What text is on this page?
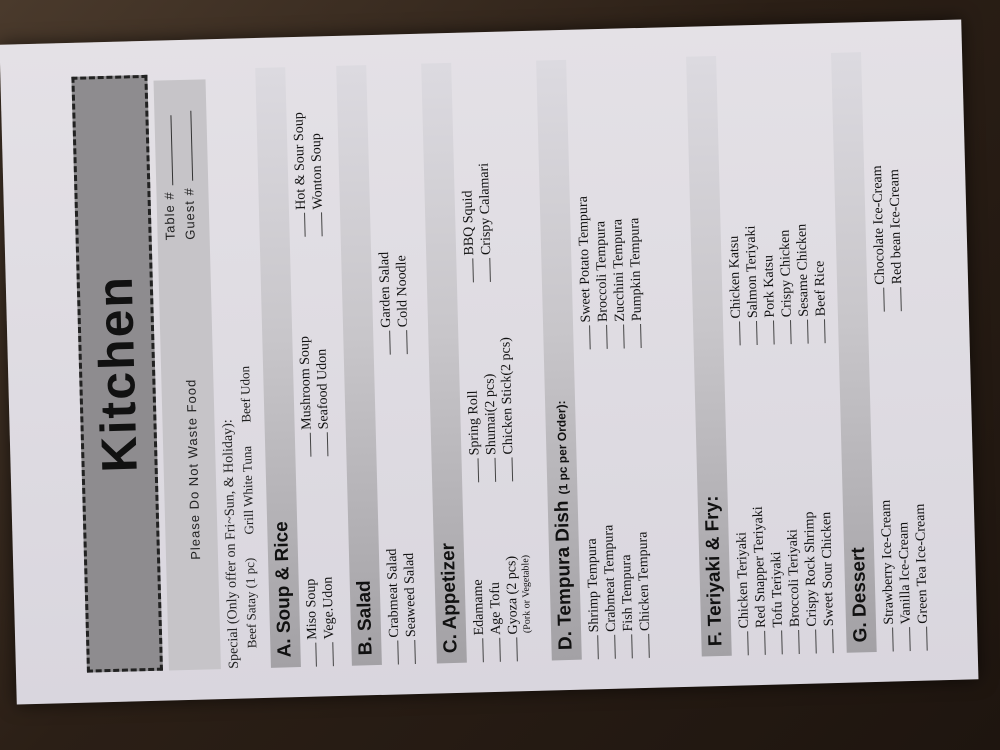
Kitchen	Please Do Not Waste Food
Table # Guest #
Special (Only offer on Fri~Sun, & Holiday): Beef Satay (1 pc) Grill White Tuna Beef Udon
A. Soup & Rice Miso Soup Vege.Udon
Mushroom Soup Seafood Udon
Hot & Sour Soup Wonton Soup
B. Salad Crabmeat Salad Seaweed Salad
Garden Salad Cold Noodle
C. Appetizer Edamame Age Tofu Gyoza (2 pcs)
(Pork or Vegetable)
Spring Roll Shumai(2 pcs)
Chicken Stick(2 pcs)
BBQ Squid Crispy Calamari
D. Tempura Dish(1 pc per Order):
Shrimp Tempura Crabmeat Tempura Fish Tempura Chicken Tempura
Sweet Potato Tempura Broccoli Tempura Zucchini Tempura Pumpkin Tempura
F. Teriyaki & Fry: Chicken Teriyaki
Red Snapper Teriyaki Tofu Teriyaki Broccoli Teriyaki
Crispy Rock Shrimp Sweet Sour Chicken
Chicken Katsu Salmon Teriyaki Pork Katsu Crispy Chicken Sesame Chicken Beef Rice
G. Dessert Strawberry Ice-Cream Vanilla Ice-Cream
Green Tea Ice-Cream
Chocolate Ice-Cream
Red bean Ice-Cream
